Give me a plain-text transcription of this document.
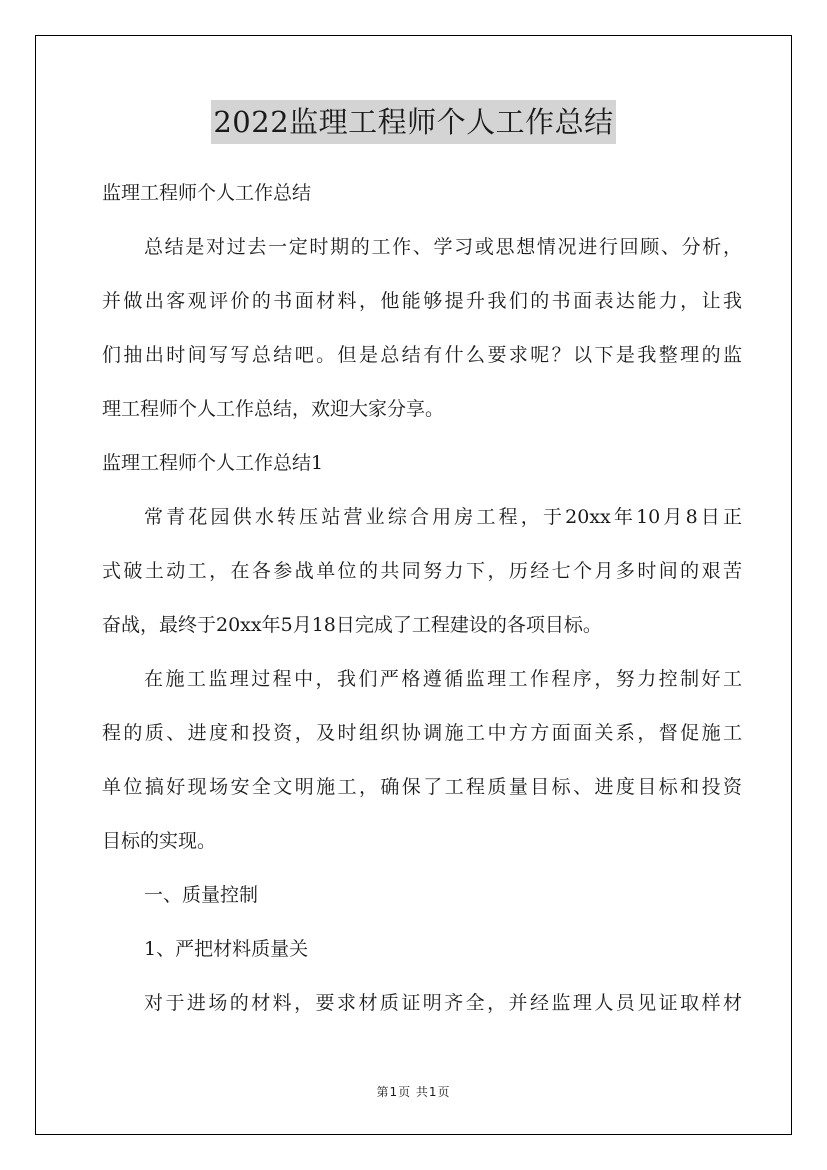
2022监理工程师个人工作总结
监理工程师个人工作总结
总结是对过去一定时期的工作、学习或思想情况进行回顾、分析，
并做出客观评价的书面材料，他能够提升我们的书面表达能力，让我
们抽出时间写写总结吧。但是总结有什么要求呢？以下是我整理的监
理工程师个人工作总结，欢迎大家分享。
监理工程师个人工作总结1
常青花园供水转压站营业综合用房工程，于20xx年10月8日正
式破土动工，在各参战单位的共同努力下，历经七个月多时间的艰苦
奋战，最终于20xx年5月18日完成了工程建设的各项目标。
在施工监理过程中，我们严格遵循监理工作程序，努力控制好工
程的质、进度和投资，及时组织协调施工中方方面面关系，督促施工
单位搞好现场安全文明施工，确保了工程质量目标、进度目标和投资
目标的实现。
一、质量控制
1、严把材料质量关
对于进场的材料，要求材质证明齐全，并经监理人员见证取样材
第1页 共1页
